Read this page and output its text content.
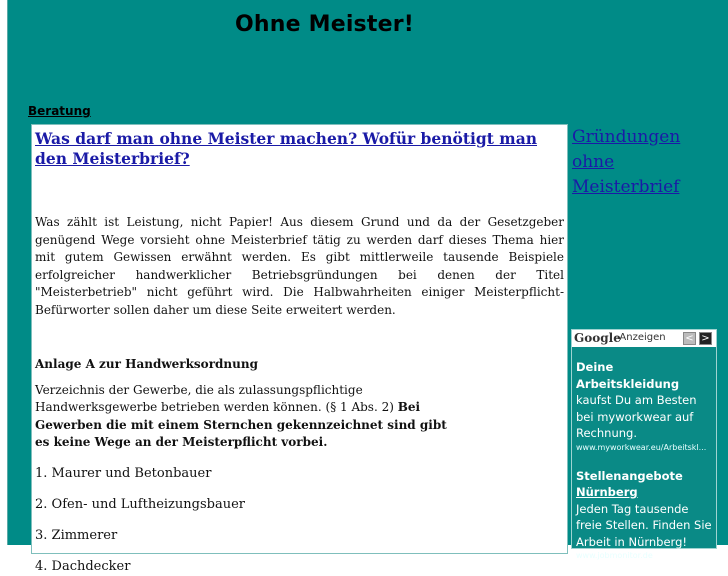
Ohne Meister!
Beratung
Was darf man ohne Meister machen? Wofür benötigt man den Meisterbrief?
Was zählt ist Leistung, nicht Papier! Aus diesem Grund und da der Gesetzgeber genügend Wege vorsieht ohne Meisterbrief tätig zu werden darf dieses Thema hier mit gutem Gewissen erwähnt werden. Es gibt mittlerweile tausende Beispiele erfolgreicher handwerklicher Betriebsgründungen bei denen der Titel "Meisterbetrieb" nicht geführt wird. Die Halbwahrheiten einiger Meisterpflicht-Befürworter sollen daher um diese Seite erweitert werden.
Anlage A zur Handwerksordnung
Verzeichnis der Gewerbe, die als zulassungspflichtige
Handwerksgewerbe betrieben werden können. (§ 1 Abs. 2) Bei
Gewerben die mit einem Sternchen gekennzeichnet sind gibt
es keine Wege an der Meisterpflicht vorbei.
1. Maurer und Betonbauer
2. Ofen- und Luftheizungsbauer
3. Zimmerer
4. Dachdecker
Gründungen ohne Meisterbrief
Google
-Anzeigen < >
Deine Arbeitskleidung
kaufst Du am Besten bei myworkwear auf Rechnung.
www.myworkwear.eu/Arbeitskl...
Stellenangebote
Nürnberg
Jeden Tag tausende freie Stellen. Finden Sie Arbeit in Nürnberg!
www.jobmonitor.de
